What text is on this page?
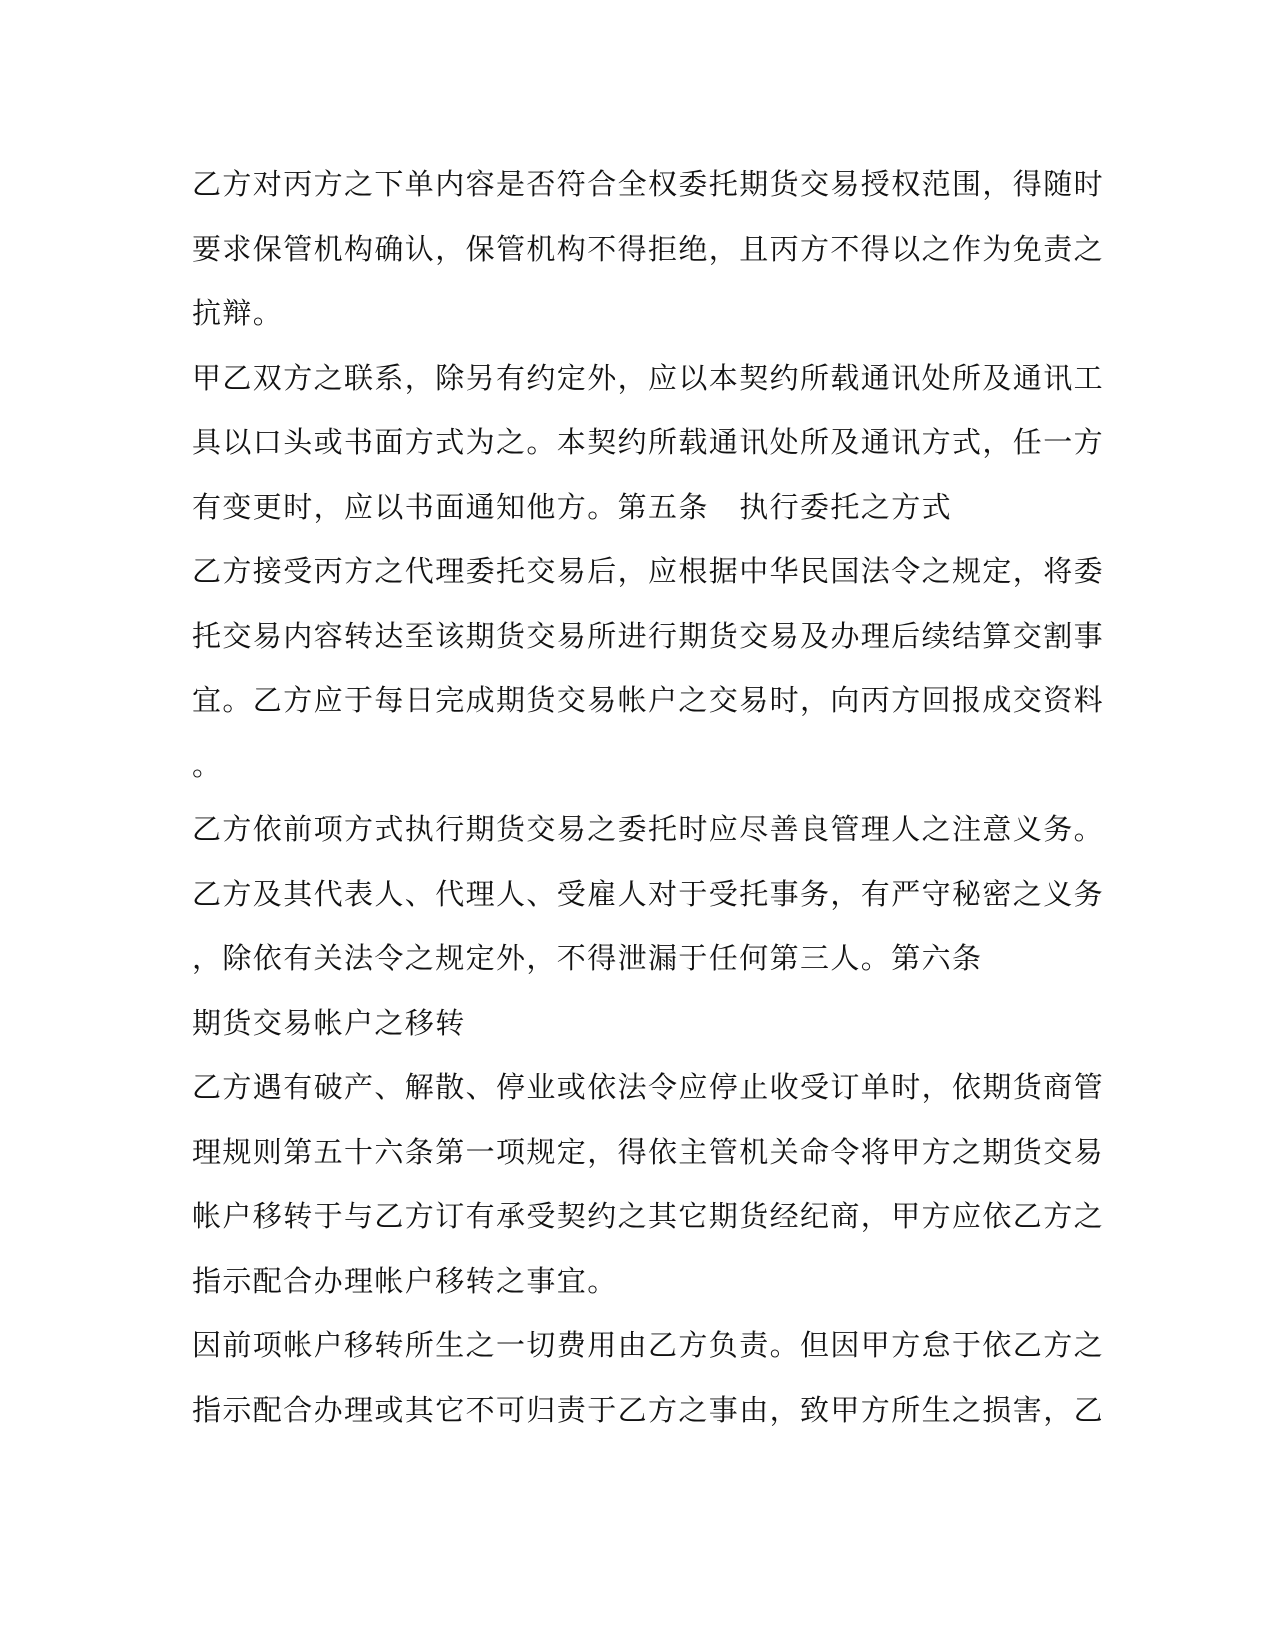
乙方对丙方之下单内容是否符合全权委托期货交易授权范围，得随时
要求保管机构确认，保管机构不得拒绝，且丙方不得以之作为免责之
抗辩。
甲乙双方之联系，除另有约定外，应以本契约所载通讯处所及通讯工
具以口头或书面方式为之。本契约所载通讯处所及通讯方式，任一方
有变更时，应以书面通知他方。第五条　执行委托之方式
乙方接受丙方之代理委托交易后，应根据中华民国法令之规定，将委
托交易内容转达至该期货交易所进行期货交易及办理后续结算交割事
宜。乙方应于每日完成期货交易帐户之交易时，向丙方回报成交资料
。
乙方依前项方式执行期货交易之委托时应尽善良管理人之注意义务。
乙方及其代表人、代理人、受雇人对于受托事务，有严守秘密之义务
，除依有关法令之规定外，不得泄漏于任何第三人。第六条
期货交易帐户之移转
乙方遇有破产、解散、停业或依法令应停止收受订单时，依期货商管
理规则第五十六条第一项规定，得依主管机关命令将甲方之期货交易
帐户移转于与乙方订有承受契约之其它期货经纪商，甲方应依乙方之
指示配合办理帐户移转之事宜。
因前项帐户移转所生之一切费用由乙方负责。但因甲方怠于依乙方之
指示配合办理或其它不可归责于乙方之事由，致甲方所生之损害，乙
